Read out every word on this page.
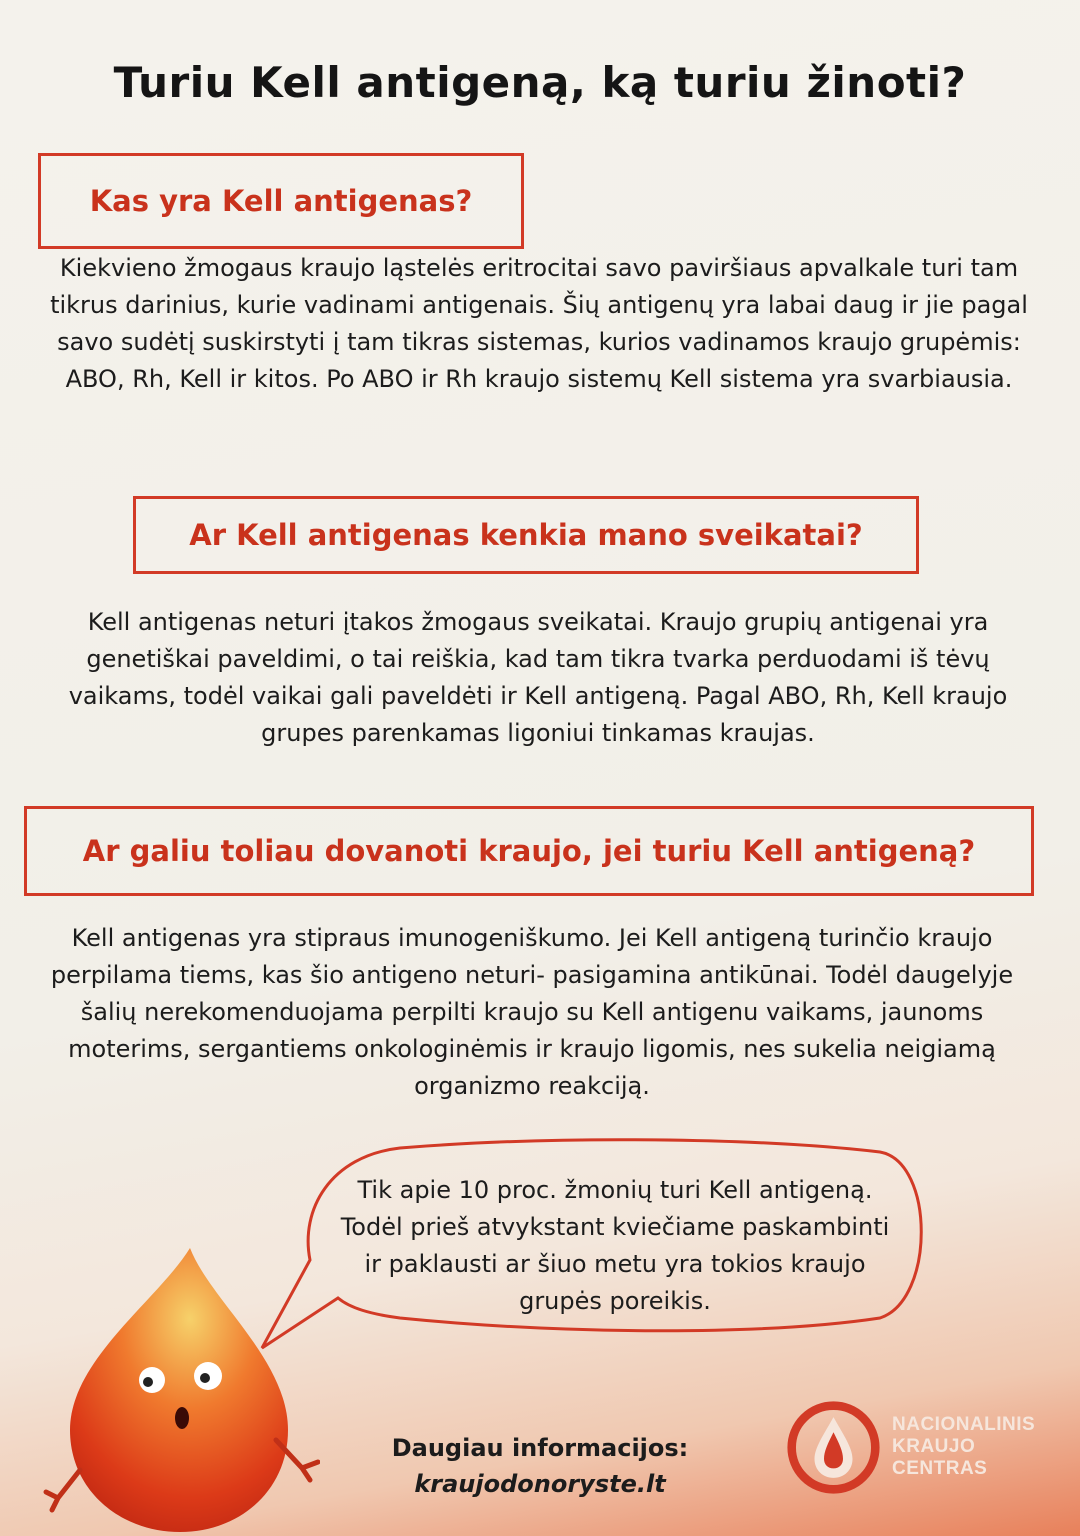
Turiu Kell antigeną, ką turiu žinoti?
Kas yra Kell antigenas?
Kiekvieno žmogaus kraujo ląstelės eritrocitai savo paviršiaus apvalkale turi tam tikrus darinius, kurie vadinami antigenais. Šių antigenų yra labai daug ir jie pagal savo sudėtį suskirstyti į tam tikras sistemas, kurios vadinamos kraujo grupėmis: ABO, Rh, Kell ir kitos. Po ABO ir Rh kraujo sistemų Kell sistema yra svarbiausia.
Ar Kell antigenas kenkia mano sveikatai?
Kell antigenas neturi įtakos žmogaus sveikatai. Kraujo grupių antigenai yra genetiškai paveldimi, o tai reiškia, kad tam tikra tvarka perduodami iš tėvų vaikams, todėl vaikai gali paveldėti ir Kell antigeną. Pagal ABO, Rh, Kell kraujo grupes parenkamas ligoniui tinkamas kraujas.
Ar galiu toliau dovanoti kraujo, jei turiu Kell antigeną?
Kell antigenas yra stipraus imunogeniškumo. Jei Kell antigeną turinčio kraujo perpilama tiems, kas šio antigeno neturi- pasigamina antikūnai. Todėl daugelyje šalių nerekomenduojama perpilti kraujo su Kell antigenu vaikams, jaunoms moterims, sergantiems onkologinėmis ir kraujo ligomis, nes sukelia neigiamą organizmo reakciją.
Tik apie 10 proc. žmonių turi Kell antigeną. Todėl prieš atvykstant kviečiame paskambinti ir paklausti ar šiuo metu yra tokios kraujo grupės poreikis.
Daugiau informacijos:
kraujodonoryste.lt
NACIONALINIS
KRAUJO
CENTRAS
